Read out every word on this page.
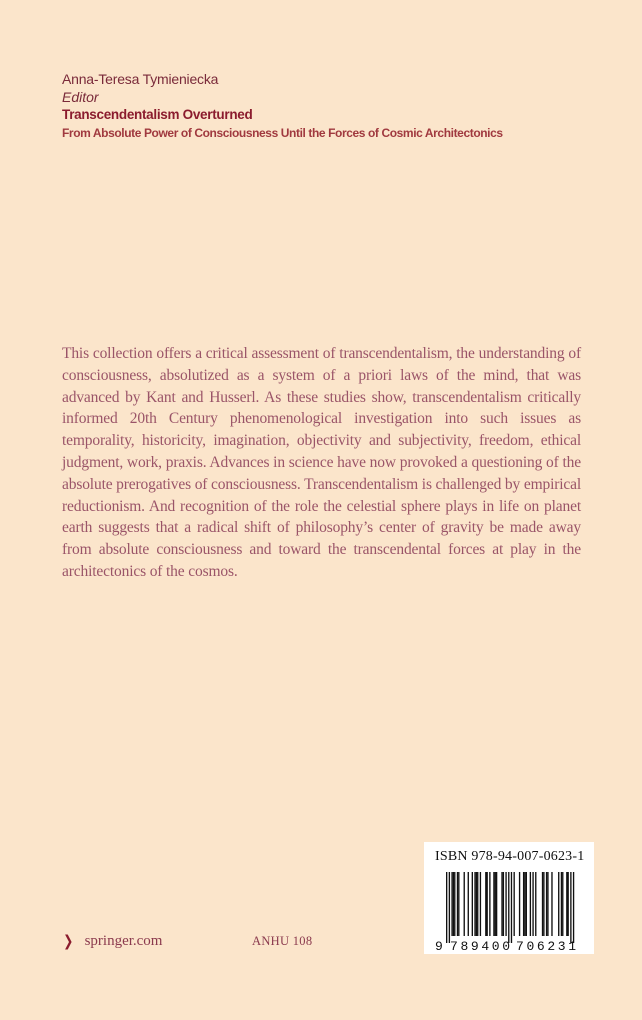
Anna-Teresa Tymieniecka
Editor
Transcendentalism Overturned
From Absolute Power of Consciousness Until the Forces of Cosmic Architectonics
This collection offers a critical assessment of transcendentalism, the understanding of consciousness, absolutized as a system of a priori laws of the mind, that was advanced by Kant and Husserl. As these studies show, transcendentalism critically informed 20th Century phenomenological investigation into such issues as temporality, historicity, imagination, objectivity and subjectivity, freedom, ethical judgment, work, praxis. Advances in science have now provoked a questioning of the absolute prerogatives of consciousness. Transcendentalism is challenged by empirical reductionism. And recognition of the role the celestial sphere plays in life on planet earth suggests that a radical shift of philosophy’s center of gravity be made away from absolute consciousness and toward the transcendental forces at play in the architectonics of the cosmos.
❯ springer.com	ANHU 108
ISBN 978-94-007-0623-1
9 789400 706231
